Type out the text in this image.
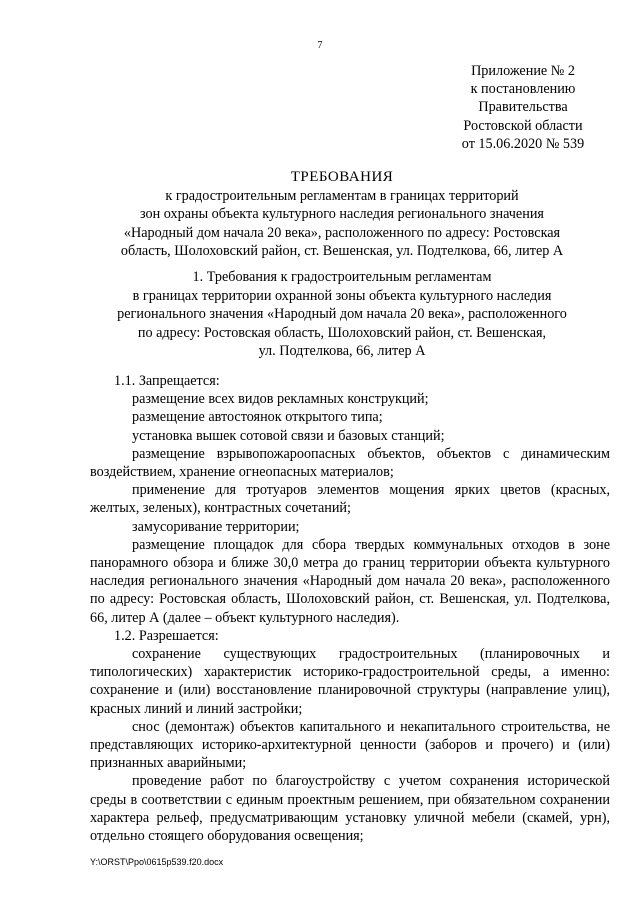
7
Приложение № 2
к постановлению
Правительства
Ростовской области
от 15.06.2020 № 539
ТРЕБОВАНИЯ
к градостроительным регламентам в границах территорий
зон охраны объекта культурного наследия регионального значения
«Народный дом начала 20 века», расположенного по адресу: Ростовская
область, Шолоховский район, ст. Вешенская, ул. Подтелкова, 66, литер А
1. Требования к градостроительным регламентам
в границах территории охранной зоны объекта культурного наследия
регионального значения «Народный дом начала 20 века», расположенного
по адресу: Ростовская область, Шолоховский район, ст. Вешенская,
ул. Подтелкова, 66, литер А

1.1. Запрещается:

размещение всех видов рекламных конструкций;

размещение автостоянок открытого типа;

установка вышек сотовой связи и базовых станций;

размещение взрывопожароопасных объектов, объектов с динамическим воздействием, хранение огнеопасных материалов;

применение для тротуаров элементов мощения ярких цветов (красных, желтых, зеленых), контрастных сочетаний;

замусоривание территории;

размещение площадок для сбора твердых коммунальных отходов в зоне панорамного обзора и ближе 30,0 метра до границ территории объекта культурного наследия регионального значения «Народный дом начала 20 века», расположенного по адресу: Ростовская область, Шолоховский район, ст. Вешенская, ул. Подтелкова, 66, литер А (далее – объект культурного наследия).

1.2. Разрешается:

сохранение существующих градостроительных (планировочных и типологических) характеристик историко-градостроительной среды, а именно: сохранение и (или) восстановление планировочной структуры (направление улиц), красных линий и линий застройки;

снос (демонтаж) объектов капитального и некапитального строительства, не представляющих историко-архитектурной ценности (заборов и прочего) и (или) признанных аварийными;

проведение работ по благоустройству с учетом сохранения исторической среды в соответствии с единым проектным решением, при обязательном сохранении характера рельеф, предусматривающим установку уличной мебели (скамей, урн), отдельно стоящего оборудования освещения;

Y:\ORST\Ppo\0615p539.f20.docx
